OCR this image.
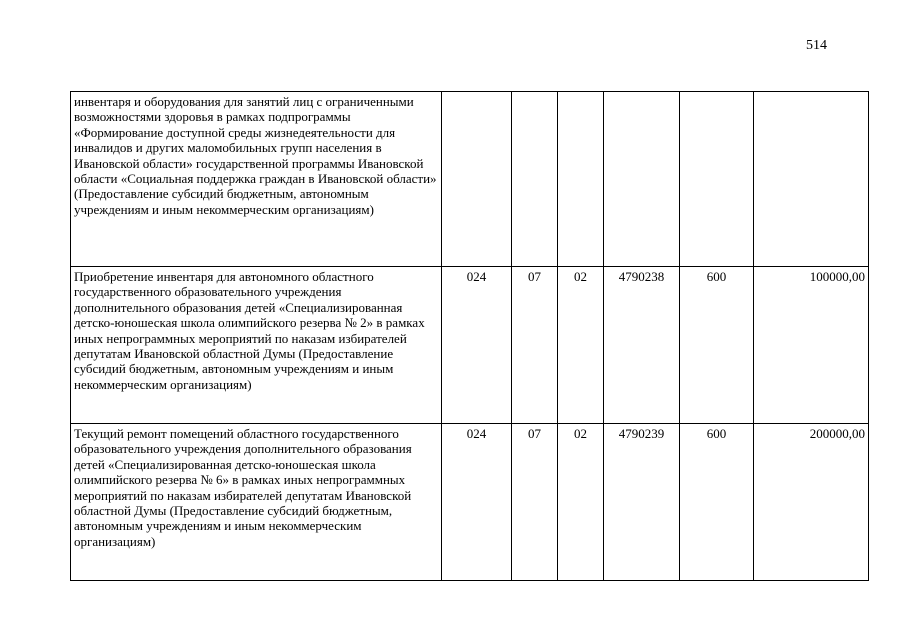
514
инвентаря и оборудования для занятий лиц с ограниченными возможностями здоровья в рамках подпрограммы «Формирование доступной среды жизнедеятельности для инвалидов и других маломобильных групп населения в Ивановской области» государственной программы Ивановской области «Социальная поддержка граждан в Ивановской области» (Предоставление субсидий бюджетным, автономным учреждениям и иным некоммерческим организациям)						
Приобретение инвентаря для автономного областного государственного образовательного учреждения дополнительного образования детей «Специализированная детско-юношеская школа олимпийского резерва № 2» в рамках иных непрограммных мероприятий по наказам избирателей депутатам Ивановской областной Думы (Предоставление субсидий бюджетным, автономным учреждениям и иным некоммерческим организациям)	024	07	02	4790238	600	100000,00
Текущий ремонт помещений областного государственного образовательного учреждения дополнительного образования детей «Специализированная детско-юношеская школа олимпийского резерва № 6» в рамках иных непрограммных мероприятий по наказам избирателей депутатам Ивановской областной Думы (Предоставление субсидий бюджетным, автономным учреждениям и иным некоммерческим организациям)	024	07	02	4790239	600	200000,00
